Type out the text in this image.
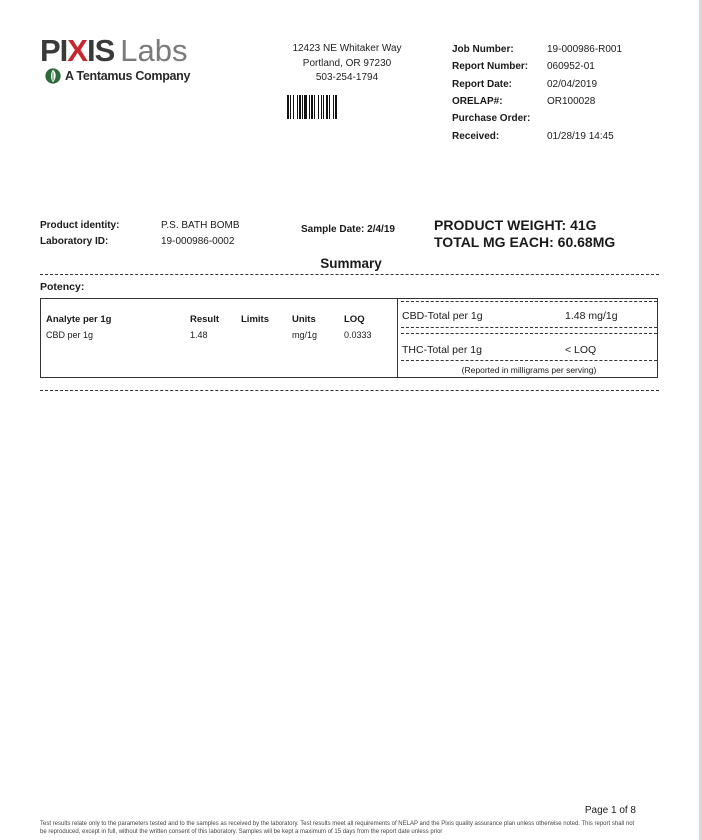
PIXIS Labs
A Tentamus Company
12423 NE Whitaker Way
Portland, OR 97230
503-254-1794
Job Number:	19-000986-R001
Report Number:	060952-01
Report Date:	02/04/2019
ORELAP#:	OR100028
Purchase Order:
Received:	01/28/19 14:45
Product identity:	P.S. BATH BOMB
Laboratory ID:	19-000986-0002
Sample Date: 2/4/19	PRODUCT WEIGHT: 41G
TOTAL MG EACH: 60.68MG
Summary
Potency:
Analyte per 1g	Result	Limits	Units	LOQ
CBD per 1g	1.48		mg/1g	0.0333
CBD-Total per 1g	1.48 mg/1g
THC-Total per 1g	< LOQ
(Reported in milligrams per serving)
Page 1 of 8
Test results relate only to the parameters tested and to the samples as received by the laboratory. Test results meet all requirements of NELAP and the Pixis quality assurance plan unless otherwise noted. This report shall not be reproduced, except in full, without the written consent of this laboratory. Samples will be kept a maximum of 15 days from the report date unless prior
